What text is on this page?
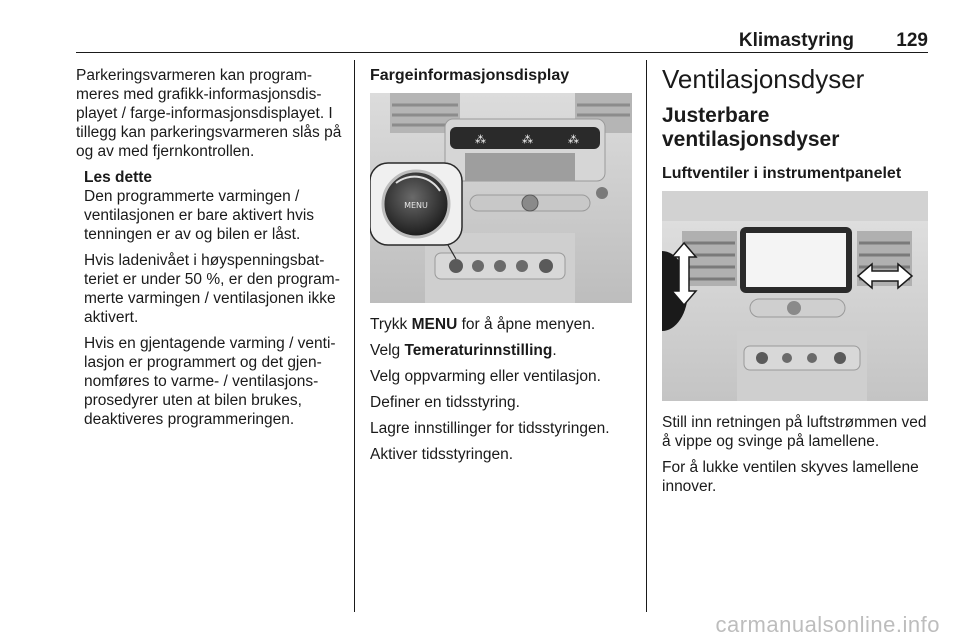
Klimastyring 129
Parkeringsvarmeren kan programmeres med grafikk-informasjonsdisplayet / farge-informasjonsdisplayet. I tillegg kan parkeringsvarmeren slås på og av med fjernkontrollen.
Les dette
Den programmerte varmingen / ventilasjonen er bare aktivert hvis tenningen er av og bilen er låst.
Hvis ladenivået i høyspenningsbatteriet er under 50 %, er den programmerte varmingen / ventilasjonen ikke aktivert.
Hvis en gjentagende varming / ventilasjon er programmert og det gjennomføres to varme- / ventilasjonsprosedyrer uten at bilen brukes, deaktiveres programmeringen.
Fargeinformasjonsdisplay
⁂	⁂	⁂
MENU
Trykk MENU for å åpne menyen.
Velg Temeraturinnstilling.
Velg oppvarming eller ventilasjon.
Definer en tidsstyring.
Lagre innstillinger for tidsstyringen.
Aktiver tidsstyringen.
Ventilasjonsdyser
Justerbare ventilasjonsdyser
Luftventiler i instrumentpanelet
Still inn retningen på luftstrømmen ved å vippe og svinge på lamellene.
For å lukke ventilen skyves lamellene innover.
carmanualsonline.info
